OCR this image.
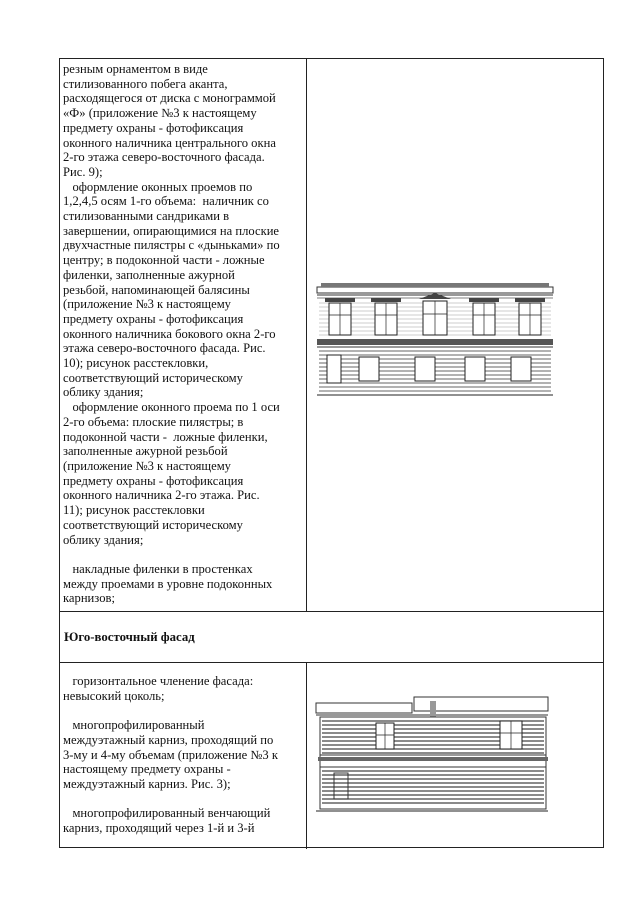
резным орнаментом в виде

стилизованного побега аканта,

расходящегося от диска с монограммой

«Ф» (приложение №3 к настоящему

предмету охраны - фотофиксация

оконного наличника центрального окна

2-го этажа северо-восточного фасада.

Рис. 9);

оформление оконных проемов по

1,2,4,5 осям 1-го объема:  наличник со

стилизованными сандриками в

завершении, опирающимися на плоские

двухчастные пилястры с «дыньками» по

центру; в подоконной части - ложные

филенки, заполненные ажурной

резьбой, напоминающей балясины

(приложение №3 к настоящему

предмету охраны - фотофиксация

оконного наличника бокового окна 2-го

этажа северо-восточного фасада. Рис.

10); рисунок расстекловки,

соответствующий историческому

облику здания;

оформление оконного проема по 1 оси

2-го объема: плоские пилястры; в

подоконной части -  ложные филенки,

заполненные ажурной резьбой

(приложение №3 к настоящему

предмету охраны - фотофиксация

оконного наличника 2-го этажа. Рис.

11); рисунок расстекловки

соответствующий историческому

облику здания;

накладные филенки в простенках

между проемами в уровне подоконных

карнизов;

Юго-восточный фасад

горизонтальное членение фасада:

невысокий цоколь;

многопрофилированный

междуэтажный карниз, проходящий по

3-му и 4-му объемам (приложение №3 к

настоящему предмету охраны -

междуэтажный карниз. Рис. 3);

многопрофилированный венчающий

карниз, проходящий через 1-й и 3-й
